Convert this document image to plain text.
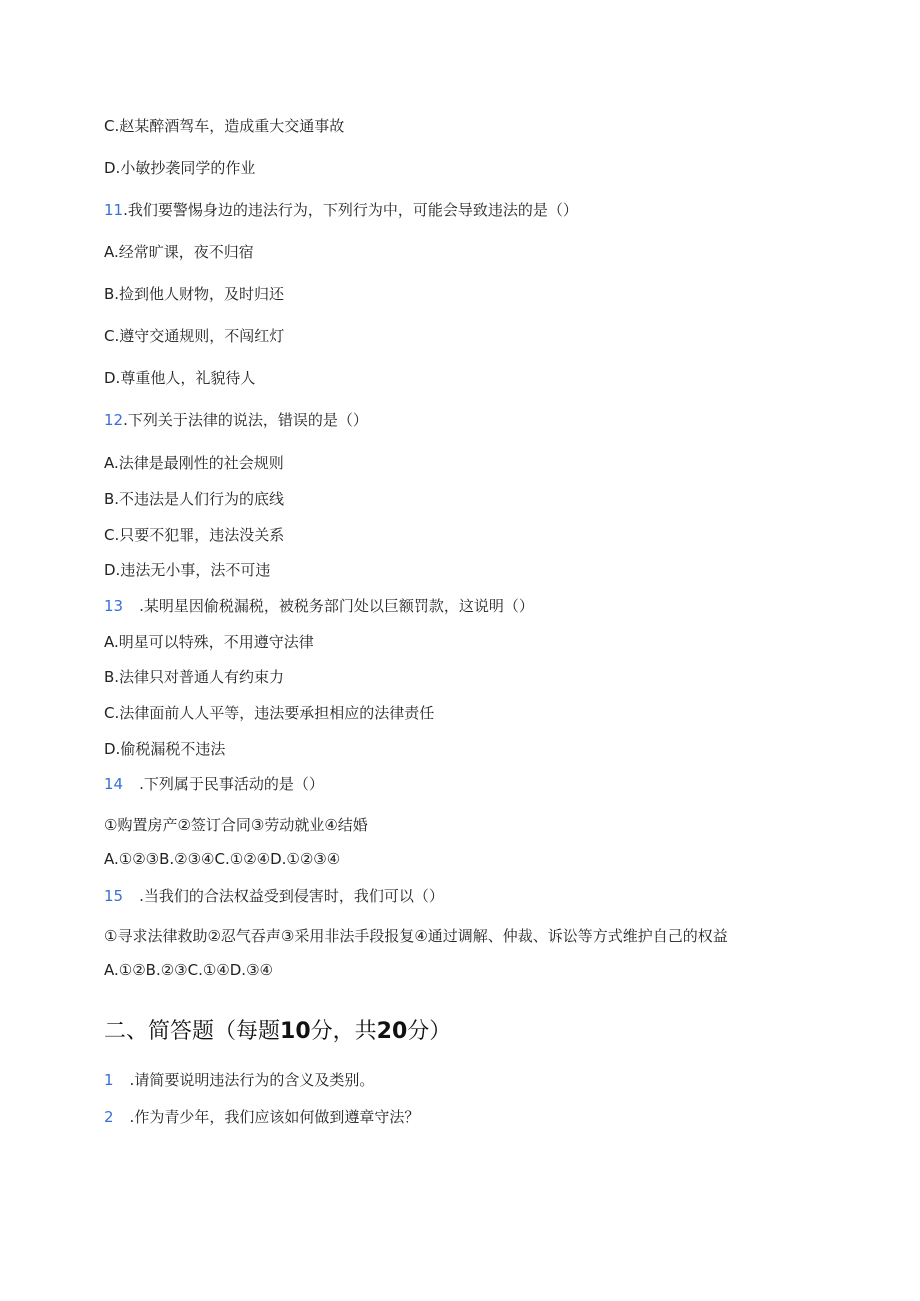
C.赵某醉酒驾车，造成重大交通事故
D.小敏抄袭同学的作业
11.我们要警惕身边的违法行为，下列行为中，可能会导致违法的是（）
A.经常旷课，夜不归宿
B.捡到他人财物，及时归还
C.遵守交通规则，不闯红灯
D.尊重他人，礼貌待人
12.下列关于法律的说法，错误的是（）
A.法律是最刚性的社会规则
B.不违法是人们行为的底线
C.只要不犯罪，违法没关系
D.违法无小事，法不可违
13 .某明星因偷税漏税，被税务部门处以巨额罚款，这说明（）
A.明星可以特殊，不用遵守法律
B.法律只对普通人有约束力
C.法律面前人人平等，违法要承担相应的法律责任
D.偷税漏税不违法
14 .下列属于民事活动的是（）
①购置房产②签订合同③劳动就业④结婚
A.①②③B.②③④C.①②④D.①②③④
15 .当我们的合法权益受到侵害时，我们可以（）
①寻求法律救助②忍气吞声③采用非法手段报复④通过调解、仲裁、诉讼等方式维护自己的权益
A.①②B.②③C.①④D.③④
二、简答题（每题10分，共20分）
1 .请简要说明违法行为的含义及类别。
2 .作为青少年，我们应该如何做到遵章守法？
